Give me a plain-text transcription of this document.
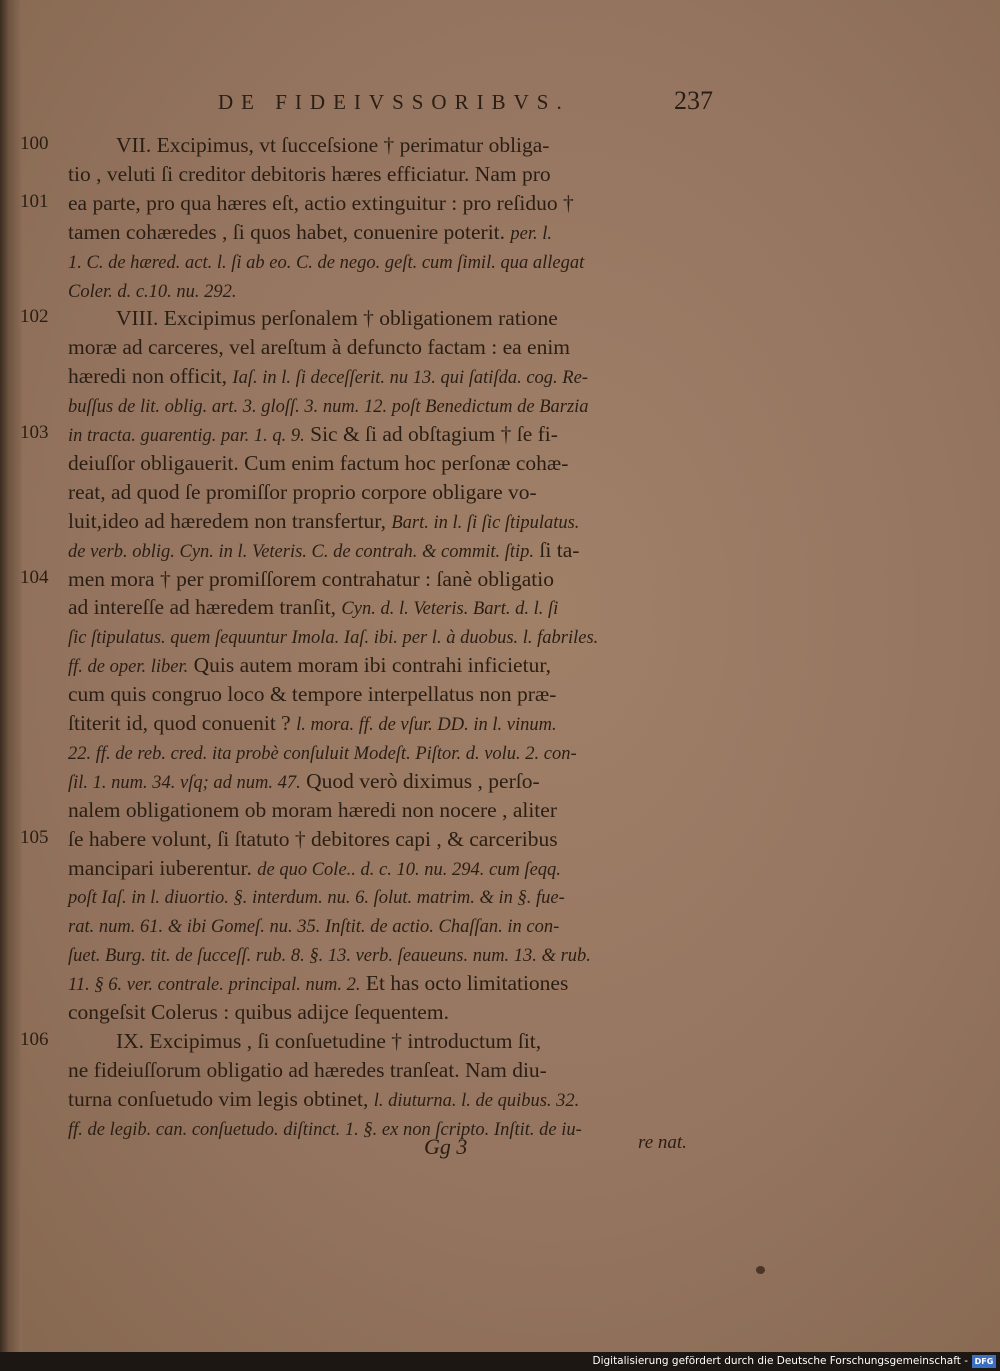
DE FIDEIVSSORIBVS.	237
100	VII. Excipimus, vt ſucceſsione † perimatur obliga-
tio , veluti ſi creditor debitoris hæres efficiatur. Nam pro
101 ea parte, pro qua hæres eſt, actio extinguitur : pro reſiduo †
tamen cohæredes , ſi quos habet, conuenire poterit. per. l.
1. C. de hæred. act. l. ſi ab eo. C. de nego. geſt. cum ſimil. qua allegat
Coler. d. c.10. nu. 292.
102	VIII. Excipimus perſonalem † obligationem ratione
moræ ad carceres, vel areſtum à defuncto factam : ea enim
hæredi non officit, Iaſ. in l. ſi deceſſerit. nu 13. qui ſatiſda. cog. Re-
buſſus de lit. oblig. art. 3. gloſſ. 3. num. 12. poſt Benedictum de Barzia
103 in tracta. guarentig. par. 1. q. 9. Sic & ſi ad obſtagium † ſe fi-
deiuſſor obligauerit. Cum enim factum hoc perſonæ cohæ-
reat, ad quod ſe promiſſor proprio corpore obligare vo-
luit,ideo ad hæredem non transfertur, Bart. in l. ſi ſic ſtipulatus.
de verb. oblig. Cyn. in l. Veteris. C. de contrah. & commit. ſtip. ſi ta-
104 men mora † per promiſſorem contrahatur : ſanè obligatio
ad intereſſe ad hæredem tranſit, Cyn. d. l. Veteris. Bart. d. l. ſi
ſic ſtipulatus. quem ſequuntur Imola. Iaſ. ibi. per l. à duobus. l. fabriles.
ff. de oper. liber. Quis autem moram ibi contrahi inficietur,
cum quis congruo loco & tempore interpellatus non præ-
ſtiterit id, quod conuenit ? l. mora. ff. de vſur. DD. in l. vinum.
22. ff. de reb. cred. ita probè conſuluit Modeſt. Piſtor. d. volu. 2. con-
ſil. 1. num. 34. vſq; ad num. 47. Quod verò diximus , perſo-
nalem obligationem ob moram hæredi non nocere , aliter
105 ſe habere volunt, ſi ſtatuto † debitores capi , & carceribus
mancipari iuberentur. de quo Cole.. d. c. 10. nu. 294. cum ſeqq.
poſt Iaſ. in l. diuortio. §. interdum. nu. 6. ſolut. matrim. & in §. fue-
rat. num. 61. & ibi Gomeſ. nu. 35. Inſtit. de actio. Chaſſan. in con-
ſuet. Burg. tit. de ſucceſſ. rub. 8. §. 13. verb. ſeaueuns. num. 13. & rub.
11. § 6. ver. contrale. principal. num. 2. Et has octo limitationes
congeſsit Colerus : quibus adijce ſequentem.
106	IX. Excipimus , ſi conſuetudine † introductum ſit,
ne fideiuſſorum obligatio ad hæredes tranſeat. Nam diu-
turna conſuetudo vim legis obtinet, l. diuturna. l. de quibus. 32.
ff. de legib. can. conſuetudo. diſtinct. 1. §. ex non ſcripto. Inſtit. de iu-
Gg 3	re nat.
Digitalisierung gefördert durch die Deutsche Forschungsgemeinschaft - DFG
